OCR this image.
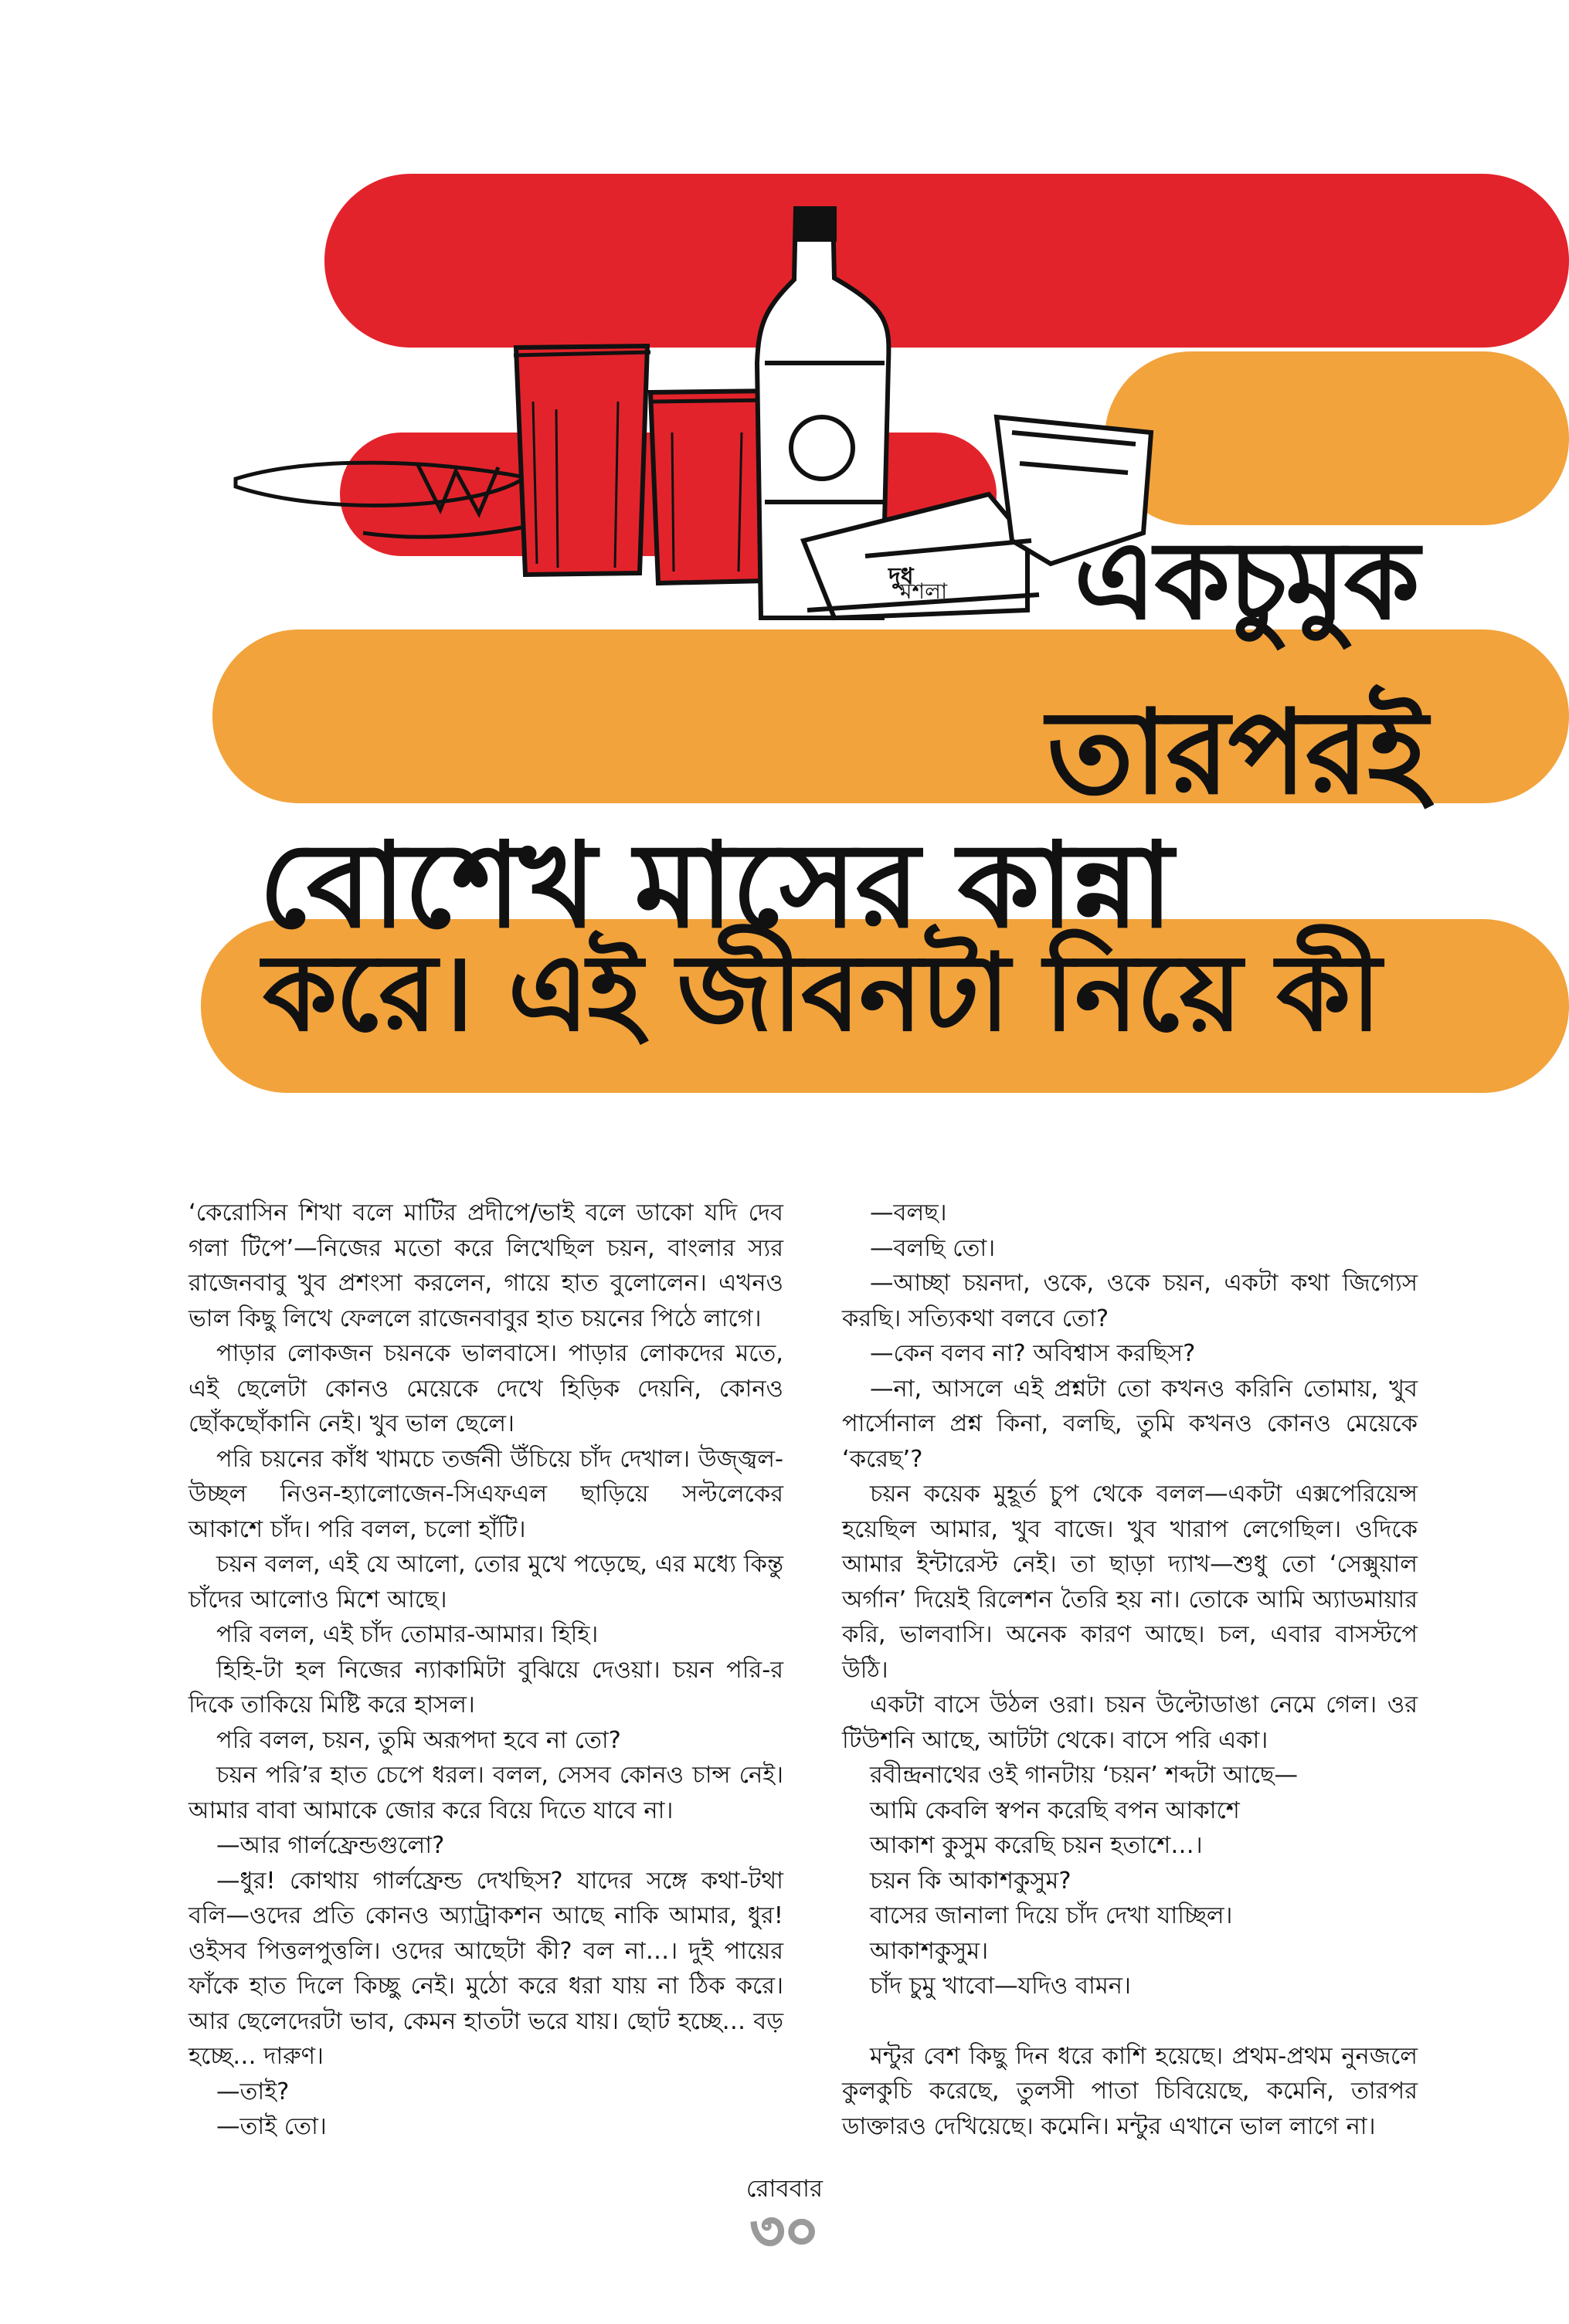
দুধ
মশলা একচুমুক
তারপরই
বোশেখ মাসের কান্না
করে। এই জীবনটা নিয়ে কী

‘কেরোসিন শিখা বলে মাটির প্রদীপে/ভাই বলে ডাকো যদি দেব গলা টিপে’—নিজের মতো করে লিখেছিল চয়ন, বাংলার স্যর রাজেনবাবু খুব প্রশংসা করলেন, গায়ে হাত বুলোলেন। এখনও ভাল কিছু লিখে ফেললে রাজেনবাবুর হাত চয়নের পিঠে লাগে।

পাড়ার লোকজন চয়নকে ভালবাসে। পাড়ার লোকদের মতে, এই ছেলেটা কোনও মেয়েকে দেখে হিড়িক দেয়নি, কোনও ছোঁকছোঁকানি নেই। খুব ভাল ছেলে।

পরি চয়নের কাঁধ খামচে তর্জনী উঁচিয়ে চাঁদ দেখাল। উজ্জ্বল-উচ্ছল নিওন-হ্যালোজেন-সিএফএল ছাড়িয়ে সল্টলেকের আকাশে চাঁদ। পরি বলল, চলো হাঁটি।

চয়ন বলল, এই যে আলো, তোর মুখে পড়েছে, এর মধ্যে কিন্তু চাঁদের আলোও মিশে আছে।

পরি বলল, এই চাঁদ তোমার-আমার। হিহি।

হিহি-টা হল নিজের ন্যাকামিটা বুঝিয়ে দেওয়া। চয়ন পরি-র দিকে তাকিয়ে মিষ্টি করে হাসল।

পরি বলল, চয়ন, তুমি অরূপদা হবে না তো?

চয়ন পরি’র হাত চেপে ধরল। বলল, সেসব কোনও চান্স নেই। আমার বাবা আমাকে জোর করে বিয়ে দিতে যাবে না।

—আর গার্লফ্রেন্ডগুলো?

—ধুর! কোথায় গার্লফ্রেন্ড দেখছিস? যাদের সঙ্গে কথা-টথা বলি—ওদের প্রতি কোনও অ্যাট্রাকশন আছে নাকি আমার, ধুর! ওইসব পিত্তলপুত্তলি। ওদের আছেটা কী? বল না…। দুই পায়ের ফাঁকে হাত দিলে কিচ্ছু নেই। মুঠো করে ধরা যায় না ঠিক করে। আর ছেলেদেরটা ভাব, কেমন হাতটা ভরে যায়। ছোট হচ্ছে… বড় হচ্ছে… দারুণ।

—তাই?

—তাই তো।

—বলছ।

—বলছি তো।

—আচ্ছা চয়নদা, ওকে, ওকে চয়ন, একটা কথা জিগ্যেস করছি। সত্যিকথা বলবে তো?

—কেন বলব না? অবিশ্বাস করছিস?

—না, আসলে এই প্রশ্নটা তো কখনও করিনি তোমায়, খুব পার্সোনাল প্রশ্ন কিনা, বলছি, তুমি কখনও কোনও মেয়েকে ‘করেছ’?

চয়ন কয়েক মুহূর্ত চুপ থেকে বলল—একটা এক্সপেরিয়েন্স হয়েছিল আমার, খুব বাজে। খুব খারাপ লেগেছিল। ওদিকে আমার ইন্টারেস্ট নেই। তা ছাড়া দ্যাখ—শুধু তো ‘সেক্সুয়াল অর্গান’ দিয়েই রিলেশন তৈরি হয় না। তোকে আমি অ্যাডমায়ার করি, ভালবাসি। অনেক কারণ আছে। চল, এবার বাসস্টপে উঠি।

একটা বাসে উঠল ওরা। চয়ন উল্টোডাঙা নেমে গেল। ওর টিউশনি আছে, আটটা থেকে। বাসে পরি একা।

রবীন্দ্রনাথের ওই গানটায় ‘চয়ন’ শব্দটা আছে—

আমি কেবলি স্বপন করেছি বপন আকাশে

আকাশ কুসুম করেছি চয়ন হতাশে…।

চয়ন কি আকাশকুসুম?

বাসের জানালা দিয়ে চাঁদ দেখা যাচ্ছিল।

আকাশকুসুম।

চাঁদ চুমু খাবো—যদিও বামন।

মন্টুর বেশ কিছু দিন ধরে কাশি হয়েছে। প্রথম-প্রথম নুনজলে কুলকুচি করেছে, তুলসী পাতা চিবিয়েছে, কমেনি, তারপর ডাক্তারও দেখিয়েছে। কমেনি। মন্টুর এখানে ভাল লাগে না।

রোববার
৩০
